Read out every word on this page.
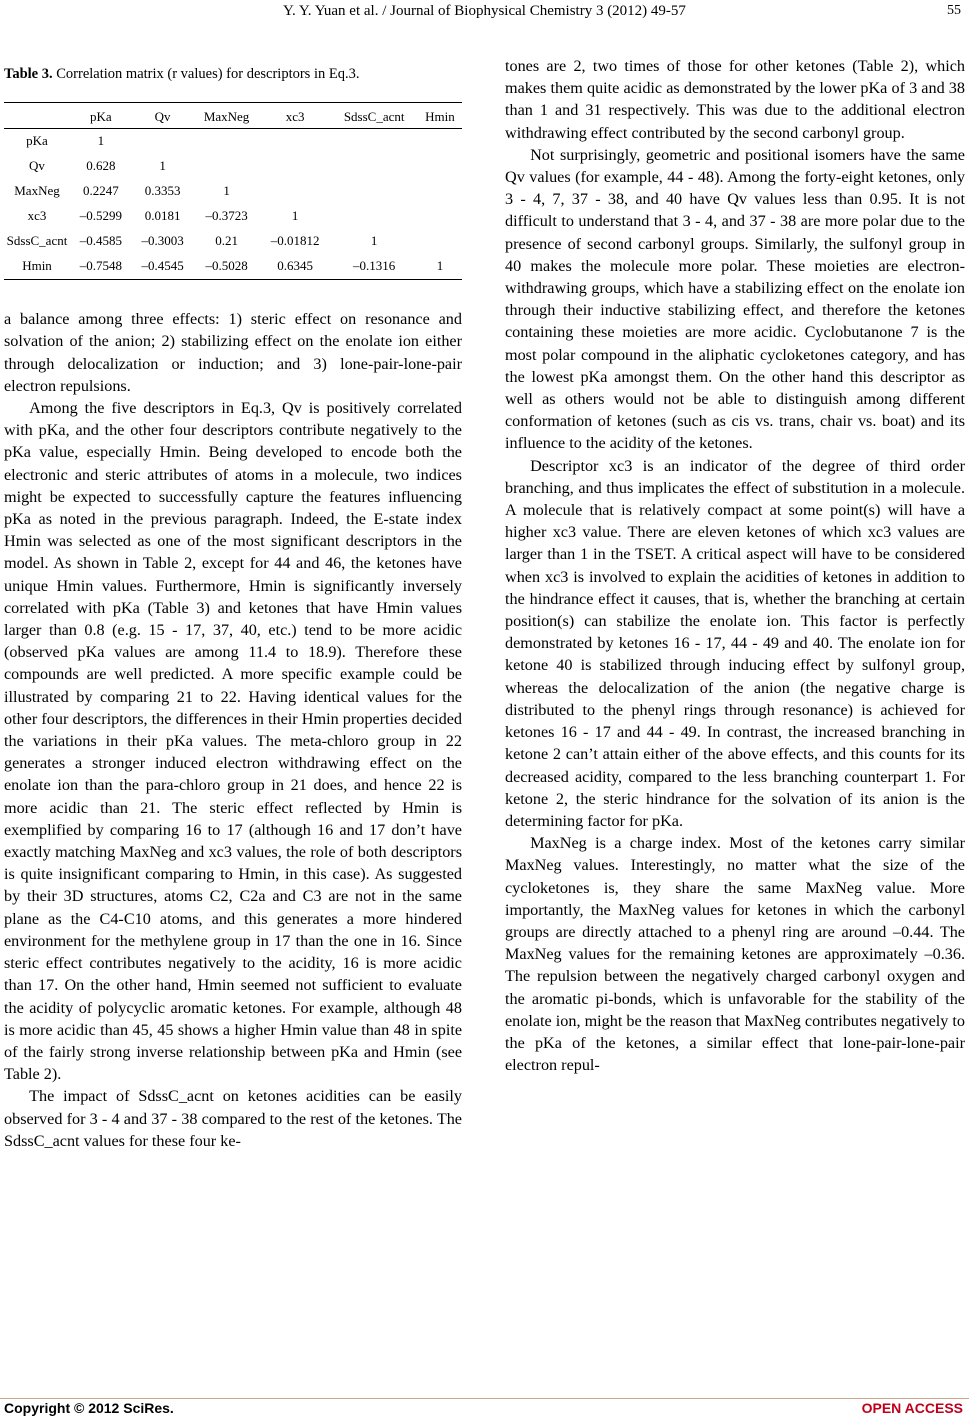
Y. Y. Yuan et al. / Journal of Biophysical Chemistry 3 (2012) 49-57	55
Table 3. Correlation matrix (r values) for descriptors in Eq.3.
	pKa	Qv	MaxNeg	xc3	SdssC_acnt	Hmin
pKa	1					
Qv	0.628	1				
MaxNeg	0.2247	0.3353	1			
xc3	–0.5299	0.0181	–0.3723	1		
SdssC_acnt	–0.4585	–0.3003	0.21	–0.01812	1	
Hmin	–0.7548	–0.4545	–0.5028	0.6345	–0.1316	1

a balance among three effects: 1) steric effect on resonance and solvation of the anion; 2) stabilizing effect on the enolate ion either through delocalization or induction; and 3) lone-pair-lone-pair electron repulsions.

Among the five descriptors in Eq.3, Qv is positively correlated with pKa, and the other four descriptors contribute negatively to the pKa value, especially Hmin. Being developed to encode both the electronic and steric attributes of atoms in a molecule, two indices might be expected to successfully capture the features influencing pKa as noted in the previous paragraph. Indeed, the E-state index Hmin was selected as one of the most significant descriptors in the model. As shown in Table 2, except for 44 and 46, the ketones have unique Hmin values. Furthermore, Hmin is significantly inversely correlated with pKa (Table 3) and ketones that have Hmin values larger than 0.8 (e.g. 15 - 17, 37, 40, etc.) tend to be more acidic (observed pKa values are among 11.4 to 18.9). Therefore these compounds are well predicted. A more specific example could be illustrated by comparing 21 to 22. Having identical values for the other four descriptors, the differences in their Hmin properties decided the variations in their pKa values. The meta-chloro group in 22 generates a stronger induced electron withdrawing effect on the enolate ion than the para-chloro group in 21 does, and hence 22 is more acidic than 21. The steric effect reflected by Hmin is exemplified by comparing 16 to 17 (although 16 and 17 don’t have exactly matching MaxNeg and xc3 values, the role of both descriptors is quite insignificant comparing to Hmin, in this case). As suggested by their 3D structures, atoms C2, C2a and C3 are not in the same plane as the C4-C10 atoms, and this generates a more hindered environment for the methylene group in 17 than the one in 16. Since steric effect contributes negatively to the acidity, 16 is more acidic than 17. On the other hand, Hmin seemed not sufficient to evaluate the acidity of polycyclic aromatic ketones. For example, although 48 is more acidic than 45, 45 shows a higher Hmin value than 48 in spite of the fairly strong inverse relationship between pKa and Hmin (see Table 2).

The impact of SdssC_acnt on ketones acidities can be easily observed for 3 - 4 and 37 - 38 compared to the rest of the ketones. The SdssC_acnt values for these four ke-

tones are 2, two times of those for other ketones (Table 2), which makes them quite acidic as demonstrated by the lower pKa of 3 and 38 than 1 and 31 respectively. This was due to the additional electron withdrawing effect contributed by the second carbonyl group.

Not surprisingly, geometric and positional isomers have the same Qv values (for example, 44 - 48). Among the forty-eight ketones, only 3 - 4, 7, 37 - 38, and 40 have Qv values less than 0.95. It is not difficult to understand that 3 - 4, and 37 - 38 are more polar due to the presence of second carbonyl groups. Similarly, the sulfonyl group in 40 makes the molecule more polar. These moieties are electron-withdrawing groups, which have a stabilizing effect on the enolate ion through their inductive stabilizing effect, and therefore the ketones containing these moieties are more acidic. Cyclobutanone 7 is the most polar compound in the aliphatic cycloketones category, and has the lowest pKa amongst them. On the other hand this descriptor as well as others would not be able to distinguish among different conformation of ketones (such as cis vs. trans, chair vs. boat) and its influence to the acidity of the ketones.

Descriptor xc3 is an indicator of the degree of third order branching, and thus implicates the effect of substitution in a molecule. A molecule that is relatively compact at some point(s) will have a higher xc3 value. There are eleven ketones of which xc3 values are larger than 1 in the TSET. A critical aspect will have to be considered when xc3 is involved to explain the acidities of ketones in addition to the hindrance effect it causes, that is, whether the branching at certain position(s) can stabilize the enolate ion. This factor is perfectly demonstrated by ketones 16 - 17, 44 - 49 and 40. The enolate ion for ketone 40 is stabilized through inducing effect by sulfonyl group, whereas the delocalization of the anion (the negative charge is distributed to the phenyl rings through resonance) is achieved for ketones 16 - 17 and 44 - 49. In contrast, the increased branching in ketone 2 can’t attain either of the above effects, and this counts for its decreased acidity, compared to the less branching counterpart 1. For ketone 2, the steric hindrance for the solvation of its anion is the determining factor for pKa.

MaxNeg is a charge index. Most of the ketones carry similar MaxNeg values. Interestingly, no matter what the size of the cycloketones is, they share the same MaxNeg value. More importantly, the MaxNeg values for ketones in which the carbonyl groups are directly attached to a phenyl ring are around –0.44. The MaxNeg values for the remaining ketones are approximately –0.36. The repulsion between the negatively charged carbonyl oxygen and the aromatic pi-bonds, which is unfavorable for the stability of the enolate ion, might be the reason that MaxNeg contributes negatively to the pKa of the ketones, a similar effect that lone-pair-lone-pair electron repul-

Copyright © 2012 SciRes.	OPEN ACCESS
